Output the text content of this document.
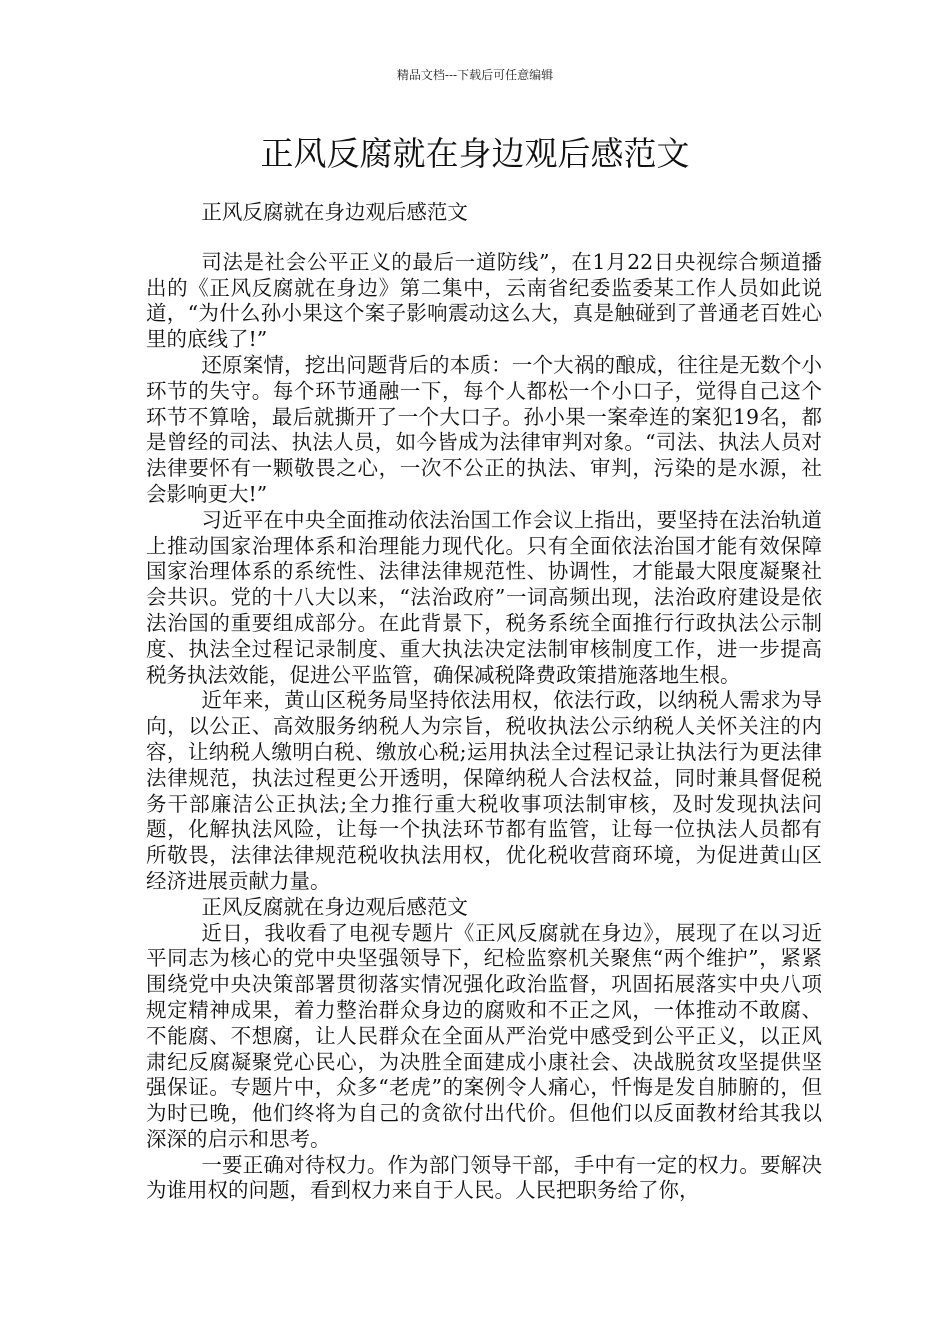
精品文档---下载后可任意编辑
正风反腐就在身边观后感范文

正风反腐就在身边观后感范文

司法是社会公平正义的最后一道防线”，在1月22日央视综合频道播出的《正风反腐就在身边》第二集中，云南省纪委监委某工作人员如此说道，“为什么孙小果这个案子影响震动这么大，真是触碰到了普通老百姓心里的底线了!”

还原案情，挖出问题背后的本质：一个大祸的酿成，往往是无数个小环节的失守。每个环节通融一下，每个人都松一个小口子，觉得自己这个环节不算啥，最后就撕开了一个大口子。孙小果一案牵连的案犯19名，都是曾经的司法、执法人员，如今皆成为法律审判对象。“司法、执法人员对法律要怀有一颗敬畏之心，一次不公正的执法、审判，污染的是水源，社会影响更大!”

习近平在中央全面推动依法治国工作会议上指出，要坚持在法治轨道上推动国家治理体系和治理能力现代化。只有全面依法治国才能有效保障国家治理体系的系统性、法律法律规范性、协调性，才能最大限度凝聚社会共识。党的十八大以来，“法治政府”一词高频出现，法治政府建设是依法治国的重要组成部分。在此背景下，税务系统全面推行行政执法公示制度、执法全过程记录制度、重大执法决定法制审核制度工作，进一步提高税务执法效能，促进公平监管，确保减税降费政策措施落地生根。

近年来，黄山区税务局坚持依法用权，依法行政，以纳税人需求为导向，以公正、高效服务纳税人为宗旨，税收执法公示纳税人关怀关注的内容，让纳税人缴明白税、缴放心税;运用执法全过程记录让执法行为更法律法律规范，执法过程更公开透明，保障纳税人合法权益，同时兼具督促税务干部廉洁公正执法;全力推行重大税收事项法制审核，及时发现执法问题，化解执法风险，让每一个执法环节都有监管，让每一位执法人员都有所敬畏，法律法律规范税收执法用权，优化税收营商环境，为促进黄山区经济进展贡献力量。

正风反腐就在身边观后感范文

近日，我收看了电视专题片《正风反腐就在身边》，展现了在以习近平同志为核心的党中央坚强领导下，纪检监察机关聚焦“两个维护”，紧紧围绕党中央决策部署贯彻落实情况强化政治监督，巩固拓展落实中央八项规定精神成果，着力整治群众身边的腐败和不正之风，一体推动不敢腐、不能腐、不想腐，让人民群众在全面从严治党中感受到公平正义，以正风肃纪反腐凝聚党心民心，为决胜全面建成小康社会、决战脱贫攻坚提供坚强保证。专题片中，众多“老虎”的案例令人痛心，忏悔是发自肺腑的，但为时已晚，他们终将为自己的贪欲付出代价。但他们以反面教材给其我以深深的启示和思考。

一要正确对待权力。作为部门领导干部，手中有一定的权力。要解决为谁用权的问题，看到权力来自于人民。人民把职务给了你，
